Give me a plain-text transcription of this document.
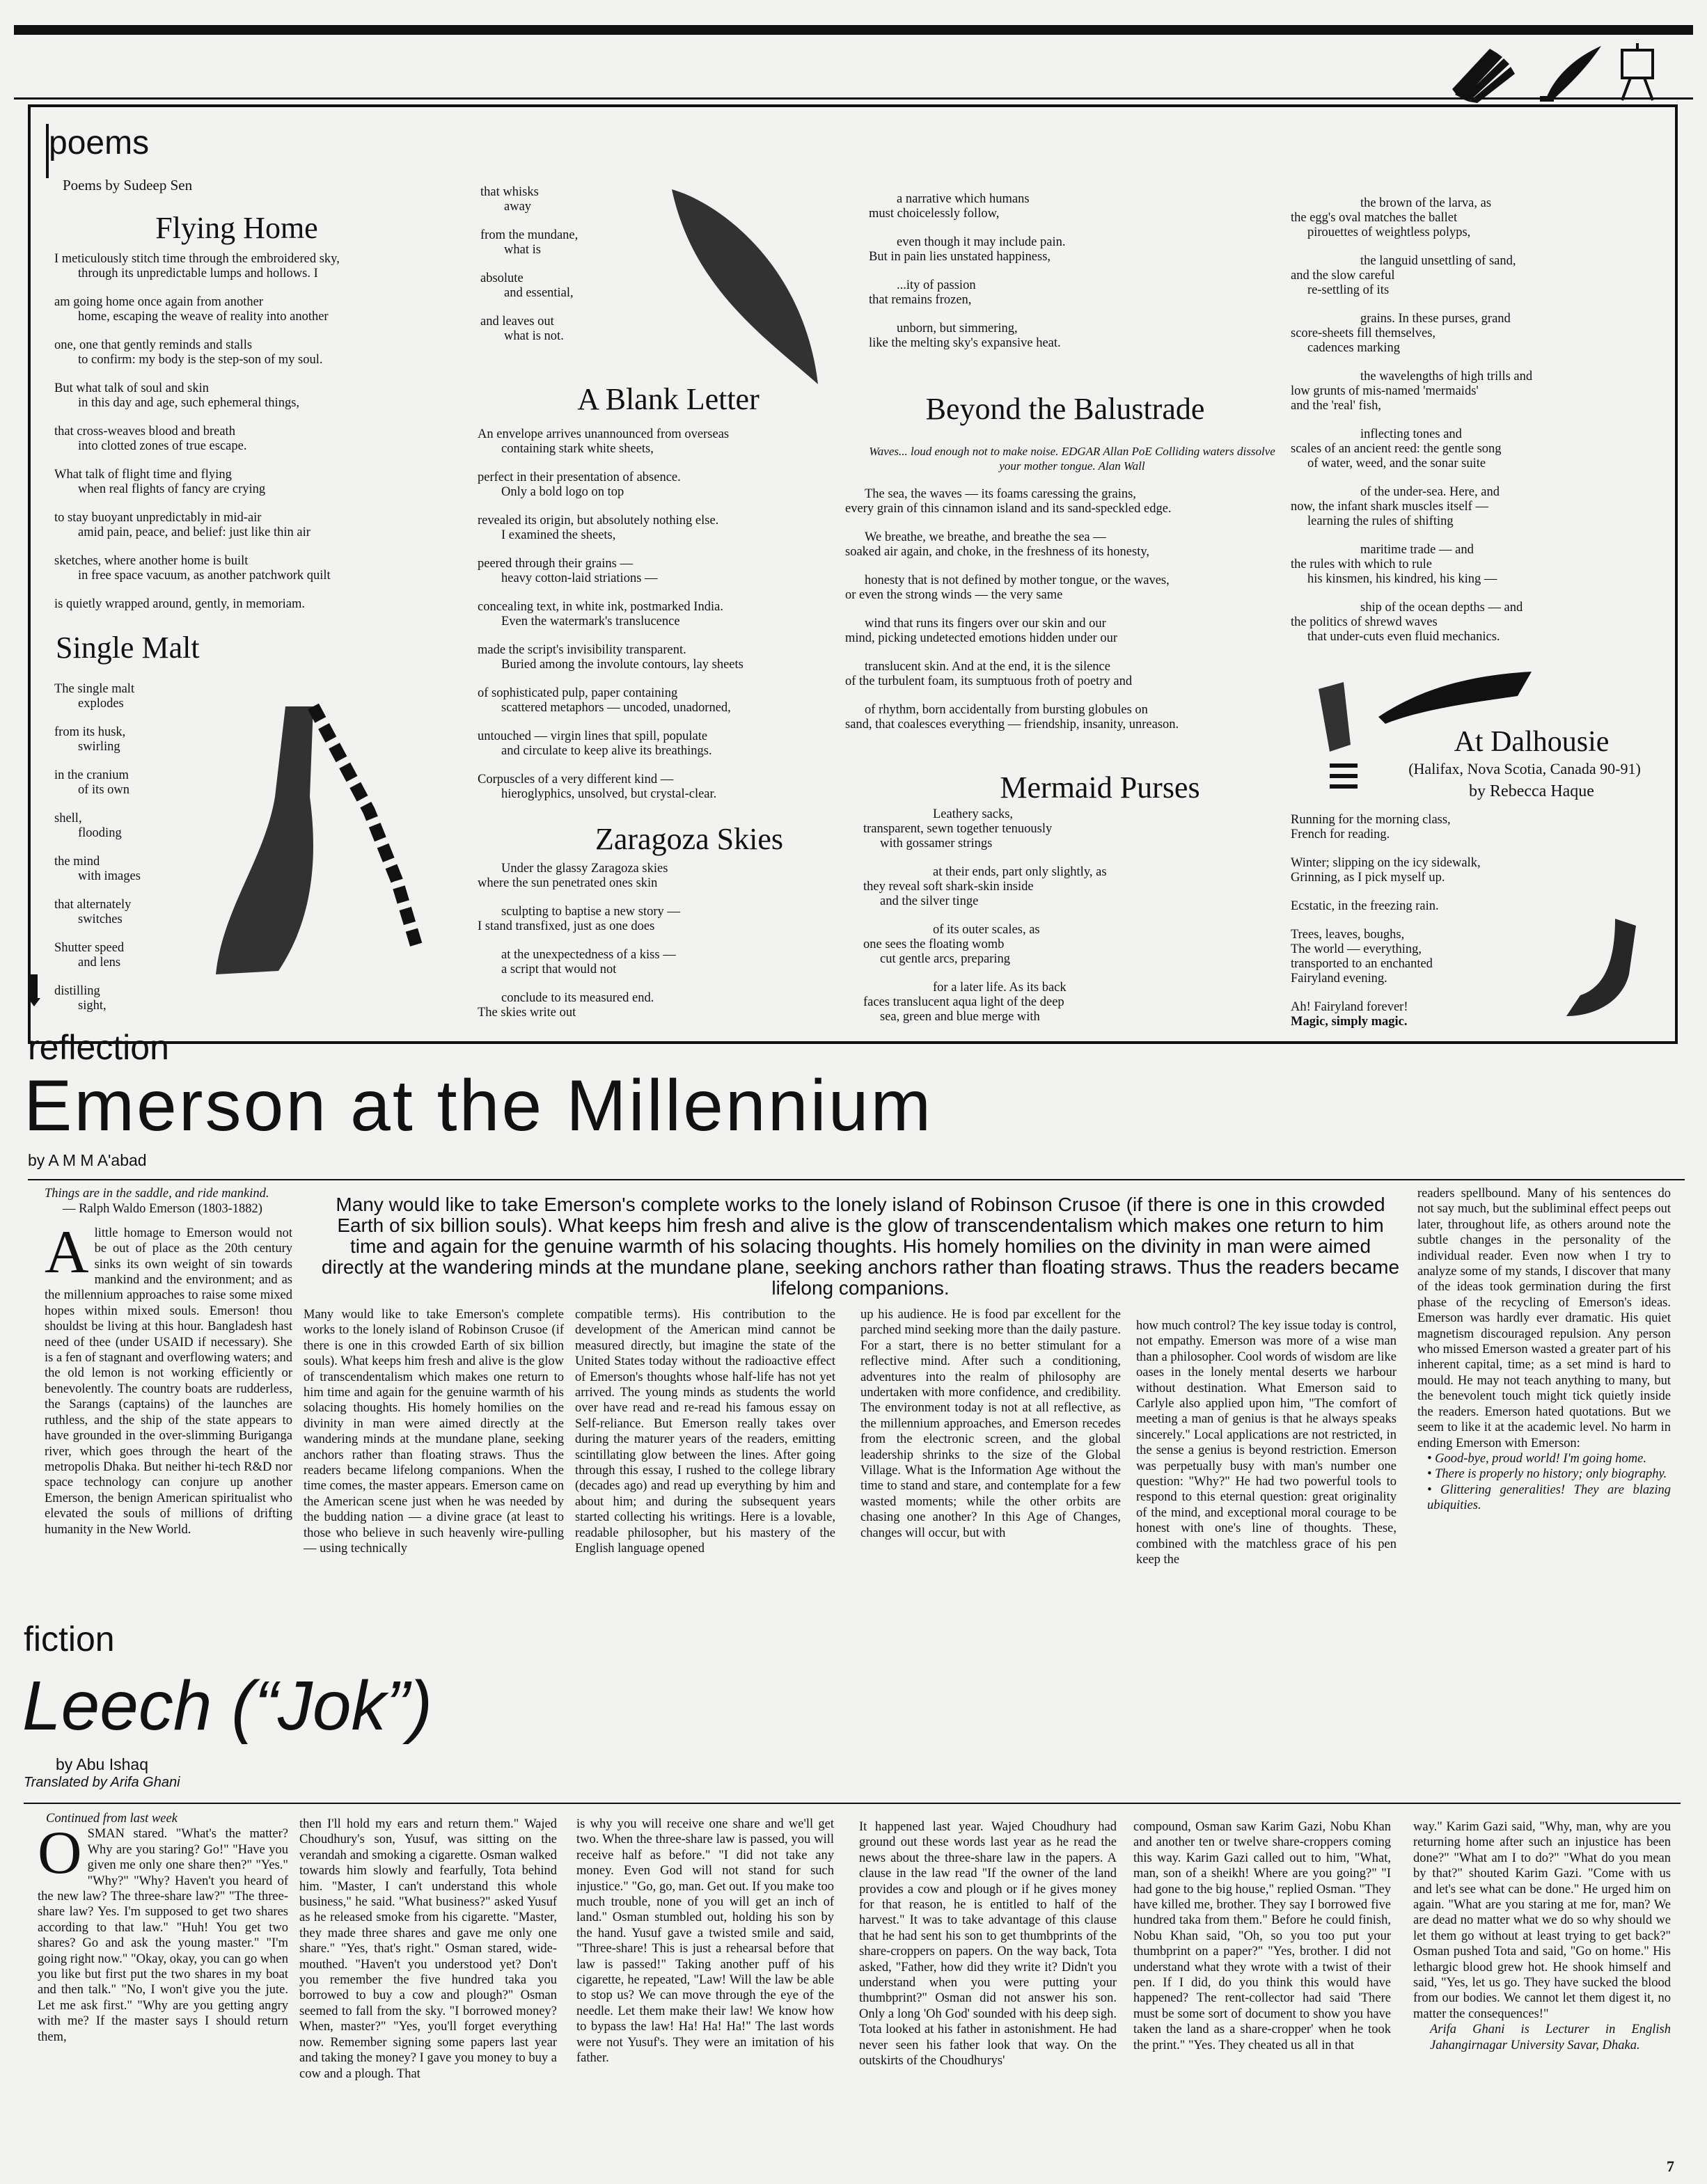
poems
Poems by Sudeep Sen
Flying Home
I meticulously stitch time through the embroidered sky,
through its unpredictable lumps and hollows. I
am going home once again from another
home, escaping the weave of reality into another
one, one that gently reminds and stalls
to confirm: my body is the step-son of my soul.
But what talk of soul and skin
in this day and age, such ephemeral things,
that cross-weaves blood and breath
into clotted zones of true escape.
What talk of flight time and flying
when real flights of fancy are crying
to stay buoyant unpredictably in mid-air
amid pain, peace, and belief: just like thin air
sketches, where another home is built
in free space vacuum, as another patchwork quilt
is quietly wrapped around, gently, in memoriam.
Single Malt
The single malt
explodes
from its husk,
swirling
in the cranium
of its own
shell,
flooding
the mind
with images
that alternately
switches
Shutter speed
and lens
distilling
sight,
that whisks
away
from the mundane,
what is
absolute
and essential,
and leaves out
what is not.
A Blank Letter
An envelope arrives unannounced from overseas
containing stark white sheets,
perfect in their presentation of absence.
Only a bold logo on top
revealed its origin, but absolutely nothing else.
I examined the sheets,
peered through their grains —
heavy cotton-laid striations —
concealing text, in white ink, postmarked India.
Even the watermark's translucence
made the script's invisibility transparent.
Buried among the involute contours, lay sheets
of sophisticated pulp, paper containing
scattered metaphors — uncoded, unadorned,
untouched — virgin lines that spill, populate
and circulate to keep alive its breathings.
Corpuscles of a very different kind —
hieroglyphics, unsolved, but crystal-clear.
Zaragoza Skies
Under the glassy Zaragoza skies
where the sun penetrated ones skin
sculpting to baptise a new story —
I stand transfixed, just as one does
at the unexpectedness of a kiss —
a script that would not
conclude to its measured end.
The skies write out
a narrative which humans
must choicelessly follow,
even though it may include pain.
But in pain lies unstated happiness,
...ity of passion
that remains frozen,
unborn, but simmering,
like the melting sky's expansive heat.
Beyond the Balustrade
Waves... loud enough not to make noise. EDGAR Allan PoE Colliding waters dissolve your mother tongue. Alan Wall
The sea, the waves — its foams caressing the grains,
every grain of this cinnamon island and its sand-speckled edge.
We breathe, we breathe, and breathe the sea —
soaked air again, and choke, in the freshness of its honesty,
honesty that is not defined by mother tongue, or the waves,
or even the strong winds — the very same
wind that runs its fingers over our skin and our
mind, picking undetected emotions hidden under our
translucent skin. And at the end, it is the silence
of the turbulent foam, its sumptuous froth of poetry and
of rhythm, born accidentally from bursting globules on
sand, that coalesces everything — friendship, insanity, unreason.
Mermaid Purses
Leathery sacks,
transparent, sewn together tenuously
with gossamer strings
at their ends, part only slightly, as
they reveal soft shark-skin inside
and the silver tinge
of its outer scales, as
one sees the floating womb
cut gentle arcs, preparing
for a later life. As its back
faces translucent aqua light of the deep
sea, green and blue merge with
the brown of the larva, as
the egg's oval matches the ballet
pirouettes of weightless polyps,
the languid unsettling of sand,
and the slow careful
re-settling of its
grains. In these purses, grand
score-sheets fill themselves,
cadences marking
the wavelengths of high trills and
low grunts of mis-named 'mermaids'
and the 'real' fish,
inflecting tones and
scales of an ancient reed: the gentle song
of water, weed, and the sonar suite
of the under-sea. Here, and
now, the infant shark muscles itself —
learning the rules of shifting
maritime trade — and
the rules with which to rule
his kinsmen, his kindred, his king —
ship of the ocean depths — and
the politics of shrewd waves
that under-cuts even fluid mechanics.
At Dalhousie
(Halifax, Nova Scotia, Canada 90-91)
by Rebecca Haque
Running for the morning class,
French for reading.
Winter; slipping on the icy sidewalk,
Grinning, as I pick myself up.
Ecstatic, in the freezing rain.
Trees, leaves, boughs,
The world — everything,
transported to an enchanted
Fairyland evening.
Ah! Fairyland forever!
Magic, simply magic.
reflection
Emerson at the Millennium
by A M M A'abad
Many would like to take Emerson's complete works to the lonely island of Robinson Crusoe (if there is one in this crowded Earth of six billion souls). What keeps him fresh and alive is the glow of transcendentalism which makes one return to him time and again for the genuine warmth of his solacing thoughts. His homely homilies on the divinity in man were aimed directly at the wandering minds at the mundane plane, seeking anchors rather than floating straws. Thus the readers became lifelong companions.
Things are in the saddle, and ride mankind.
— Ralph Waldo Emerson (1803-1882)
A little homage to Emerson would not be out of place as the 20th century sinks its own weight of sin towards mankind and the environment; and as the millennium approaches to raise some mixed hopes within mixed souls. Emerson! thou shouldst be living at this hour. Bangladesh hast need of thee (under USAID if necessary). She is a fen of stagnant and overflowing waters; and the old lemon is not working efficiently or benevolently. The country boats are rudderless, the Sarangs (captains) of the launches are ruthless, and the ship of the state appears to have grounded in the over-slimming Buriganga river, which goes through the heart of the metropolis Dhaka. But neither hi-tech R&D nor space technology can conjure up another Emerson, the benign American spiritualist who elevated the souls of millions of drifting humanity in the New World.
Many would like to take Emerson's complete works to the lonely island of Robinson Crusoe (if there is one in this crowded Earth of six billion souls). What keeps him fresh and alive is the glow of transcendentalism which makes one return to him time and again for the genuine warmth of his solacing thoughts. His homely homilies on the divinity in man were aimed directly at the wandering minds at the mundane plane, seeking anchors rather than floating straws. Thus the readers became lifelong companions. When the time comes, the master appears. Emerson came on the American scene just when he was needed by the budding nation — a divine grace (at least to those who believe in such heavenly wire-pulling — using technically
compatible terms). His contribution to the development of the American mind cannot be measured directly, but imagine the state of the United States today without the radioactive effect of Emerson's thoughts whose half-life has not yet arrived. The young minds as students the world over have read and re-read his famous essay on Self-reliance. But Emerson really takes over during the maturer years of the readers, emitting scintillating glow between the lines. After going through this essay, I rushed to the college library (decades ago) and read up everything by him and about him; and during the subsequent years started collecting his writings. Here is a lovable, readable philosopher, but his mastery of the English language opened
up his audience. He is food par excellent for the parched mind seeking more than the daily pasture. For a start, there is no better stimulant for a reflective mind. After such a conditioning, adventures into the realm of philosophy are undertaken with more confidence, and credibility. The environment today is not at all reflective, as the millennium approaches, and Emerson recedes from the electronic screen, and the global leadership shrinks to the size of the Global Village. What is the Information Age without the time to stand and stare, and contemplate for a few wasted moments; while the other orbits are chasing one another? In this Age of Changes, changes will occur, but with
how much control? The key issue today is control, not empathy. Emerson was more of a wise man than a philosopher. Cool words of wisdom are like oases in the lonely mental deserts we harbour without destination. What Emerson said to Carlyle also applied upon him, "The comfort of meeting a man of genius is that he always speaks sincerely." Local applications are not restricted, in the sense a genius is beyond restriction. Emerson was perpetually busy with man's number one question: "Why?" He had two powerful tools to respond to this eternal question: great originality of the mind, and exceptional moral courage to be honest with one's line of thoughts. These, combined with the matchless grace of his pen keep the
readers spellbound. Many of his sentences do not say much, but the subliminal effect peeps out later, throughout life, as others around note the subtle changes in the personality of the individual reader. Even now when I try to analyze some of my stands, I discover that many of the ideas took germination during the first phase of the recycling of Emerson's ideas. Emerson was hardly ever dramatic. His quiet magnetism discouraged repulsion. Any person who missed Emerson wasted a greater part of his inherent capital, time; as a set mind is hard to mould. He may not teach anything to many, but the benevolent touch might tick quietly inside the readers. Emerson hated quotations. But we seem to like it at the academic level. No harm in ending Emerson with Emerson:
• Good-bye, proud world! I'm going home.
• There is properly no history; only biography.
• Glittering generalities! They are blazing ubiquities.
fiction
Leech (“Jok”)
by Abu Ishaq
Translated by Arifa Ghani
Continued from last week
O SMAN stared. "What's the matter? Why are you staring? Go!" "Have you given me only one share then?" "Yes." "Why?" "Why? Haven't you heard of the new law? The three-share law?" "The three-share law? Yes. I'm supposed to get two shares according to that law." "Huh! You get two shares? Go and ask the young master." "I'm going right now." "Okay, okay, you can go when you like but first put the two shares in my boat and then talk." "No, I won't give you the jute. Let me ask first." "Why are you getting angry with me? If the master says I should return them,
then I'll hold my ears and return them." Wajed Choudhury's son, Yusuf, was sitting on the verandah and smoking a cigarette. Osman walked towards him slowly and fearfully, Tota behind him. "Master, I can't understand this whole business," he said. "What business?" asked Yusuf as he released smoke from his cigarette. "Master, they made three shares and gave me only one share." "Yes, that's right." Osman stared, wide-mouthed. "Haven't you understood yet? Don't you remember the five hundred taka you borrowed to buy a cow and plough?" Osman seemed to fall from the sky. "I borrowed money? When, master?" "Yes, you'll forget everything now. Remember signing some papers last year and taking the money? I gave you money to buy a cow and a plough. That
is why you will receive one share and we'll get two. When the three-share law is passed, you will receive half as before." "I did not take any money. Even God will not stand for such injustice." "Go, go, man. Get out. If you make too much trouble, none of you will get an inch of land." Osman stumbled out, holding his son by the hand. Yusuf gave a twisted smile and said, "Three-share! This is just a rehearsal before that law is passed!" Taking another puff of his cigarette, he repeated, "Law! Will the law be able to stop us? We can move through the eye of the needle. Let them make their law! We know how to bypass the law! Ha! Ha! Ha!" The last words were not Yusuf's. They were an imitation of his father.
It happened last year. Wajed Choudhury had ground out these words last year as he read the news about the three-share law in the papers. A clause in the law read "If the owner of the land provides a cow and plough or if he gives money for that reason, he is entitled to half of the harvest." It was to take advantage of this clause that he had sent his son to get thumbprints of the share-croppers on papers. On the way back, Tota asked, "Father, how did they write it? Didn't you understand when you were putting your thumbprint?" Osman did not answer his son. Only a long 'Oh God' sounded with his deep sigh. Tota looked at his father in astonishment. He had never seen his father look that way. On the outskirts of the Choudhurys'
compound, Osman saw Karim Gazi, Nobu Khan and another ten or twelve share-croppers coming this way. Karim Gazi called out to him, "What, man, son of a sheikh! Where are you going?" "I had gone to the big house," replied Osman. "They have killed me, brother. They say I borrowed five hundred taka from them." Before he could finish, Nobu Khan said, "Oh, so you too put your thumbprint on a paper?" "Yes, brother. I did not understand what they wrote with a twist of their pen. If I did, do you think this would have happened? The rent-collector had said 'There must be some sort of document to show you have taken the land as a share-cropper' when he took the print." "Yes. They cheated us all in that
way." Karim Gazi said, "Why, man, why are you returning home after such an injustice has been done?" "What am I to do?" "What do you mean by that?" shouted Karim Gazi. "Come with us and let's see what can be done." He urged him on again. "What are you staring at me for, man? We are dead no matter what we do so why should we let them go without at least trying to get back?" Osman pushed Tota and said, "Go on home." His lethargic blood grew hot. He shook himself and said, "Yes, let us go. They have sucked the blood from our bodies. We cannot let them digest it, no matter the consequences!"
Arifa Ghani is Lecturer in English Jahangirnagar University Savar, Dhaka.
7
